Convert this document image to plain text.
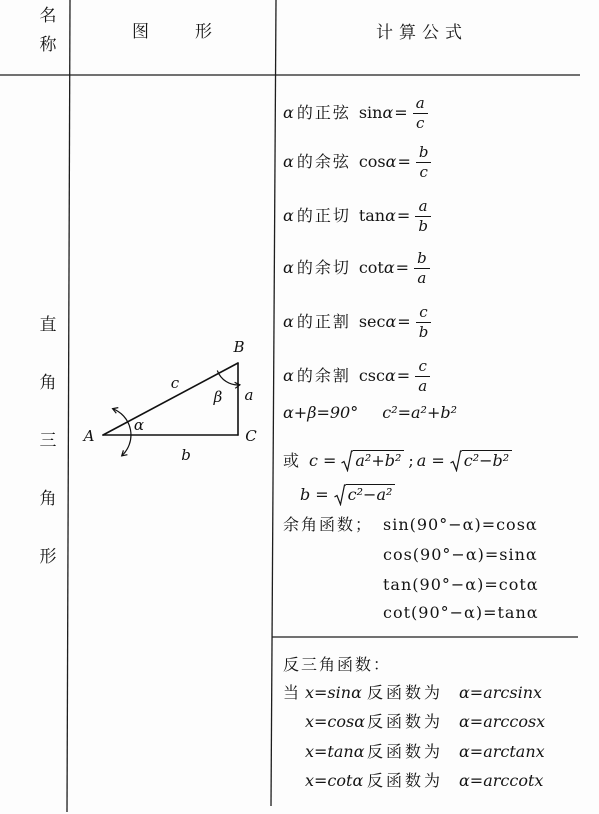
名
称
图形	计算公式
直
角
三
角
形
A
B
C
c
a
b
α
β
α 的正弦 $\sin\alpha = \frac{a}{c}$
α 的余弦 $\cos\alpha = \frac{b}{c}$
α 的正切 $\tan\alpha = \frac{a}{b}$
α 的余切 $\cot\alpha = \frac{b}{a}$
α 的正割 $\sec\alpha = \frac{c}{b}$
α 的余割 $\csc\alpha = \frac{c}{a}$
α+β=90° c²=a²+b²
或 c = a²+b² ; a = c²−b²
b = c²−a²
余角函数； sin(90°−α)=cosα
cos(90°−α)=sinα
tan(90°−α)=cotα
cot(90°−α)=tanα
反三角函数：
当 x=sinα 反函数为 α=arcsinx
x=cosα 反函数为 α=arccosx
x=tanα 反函数为 α=arctanx
x=cotα 反函数为 α=arccotx
